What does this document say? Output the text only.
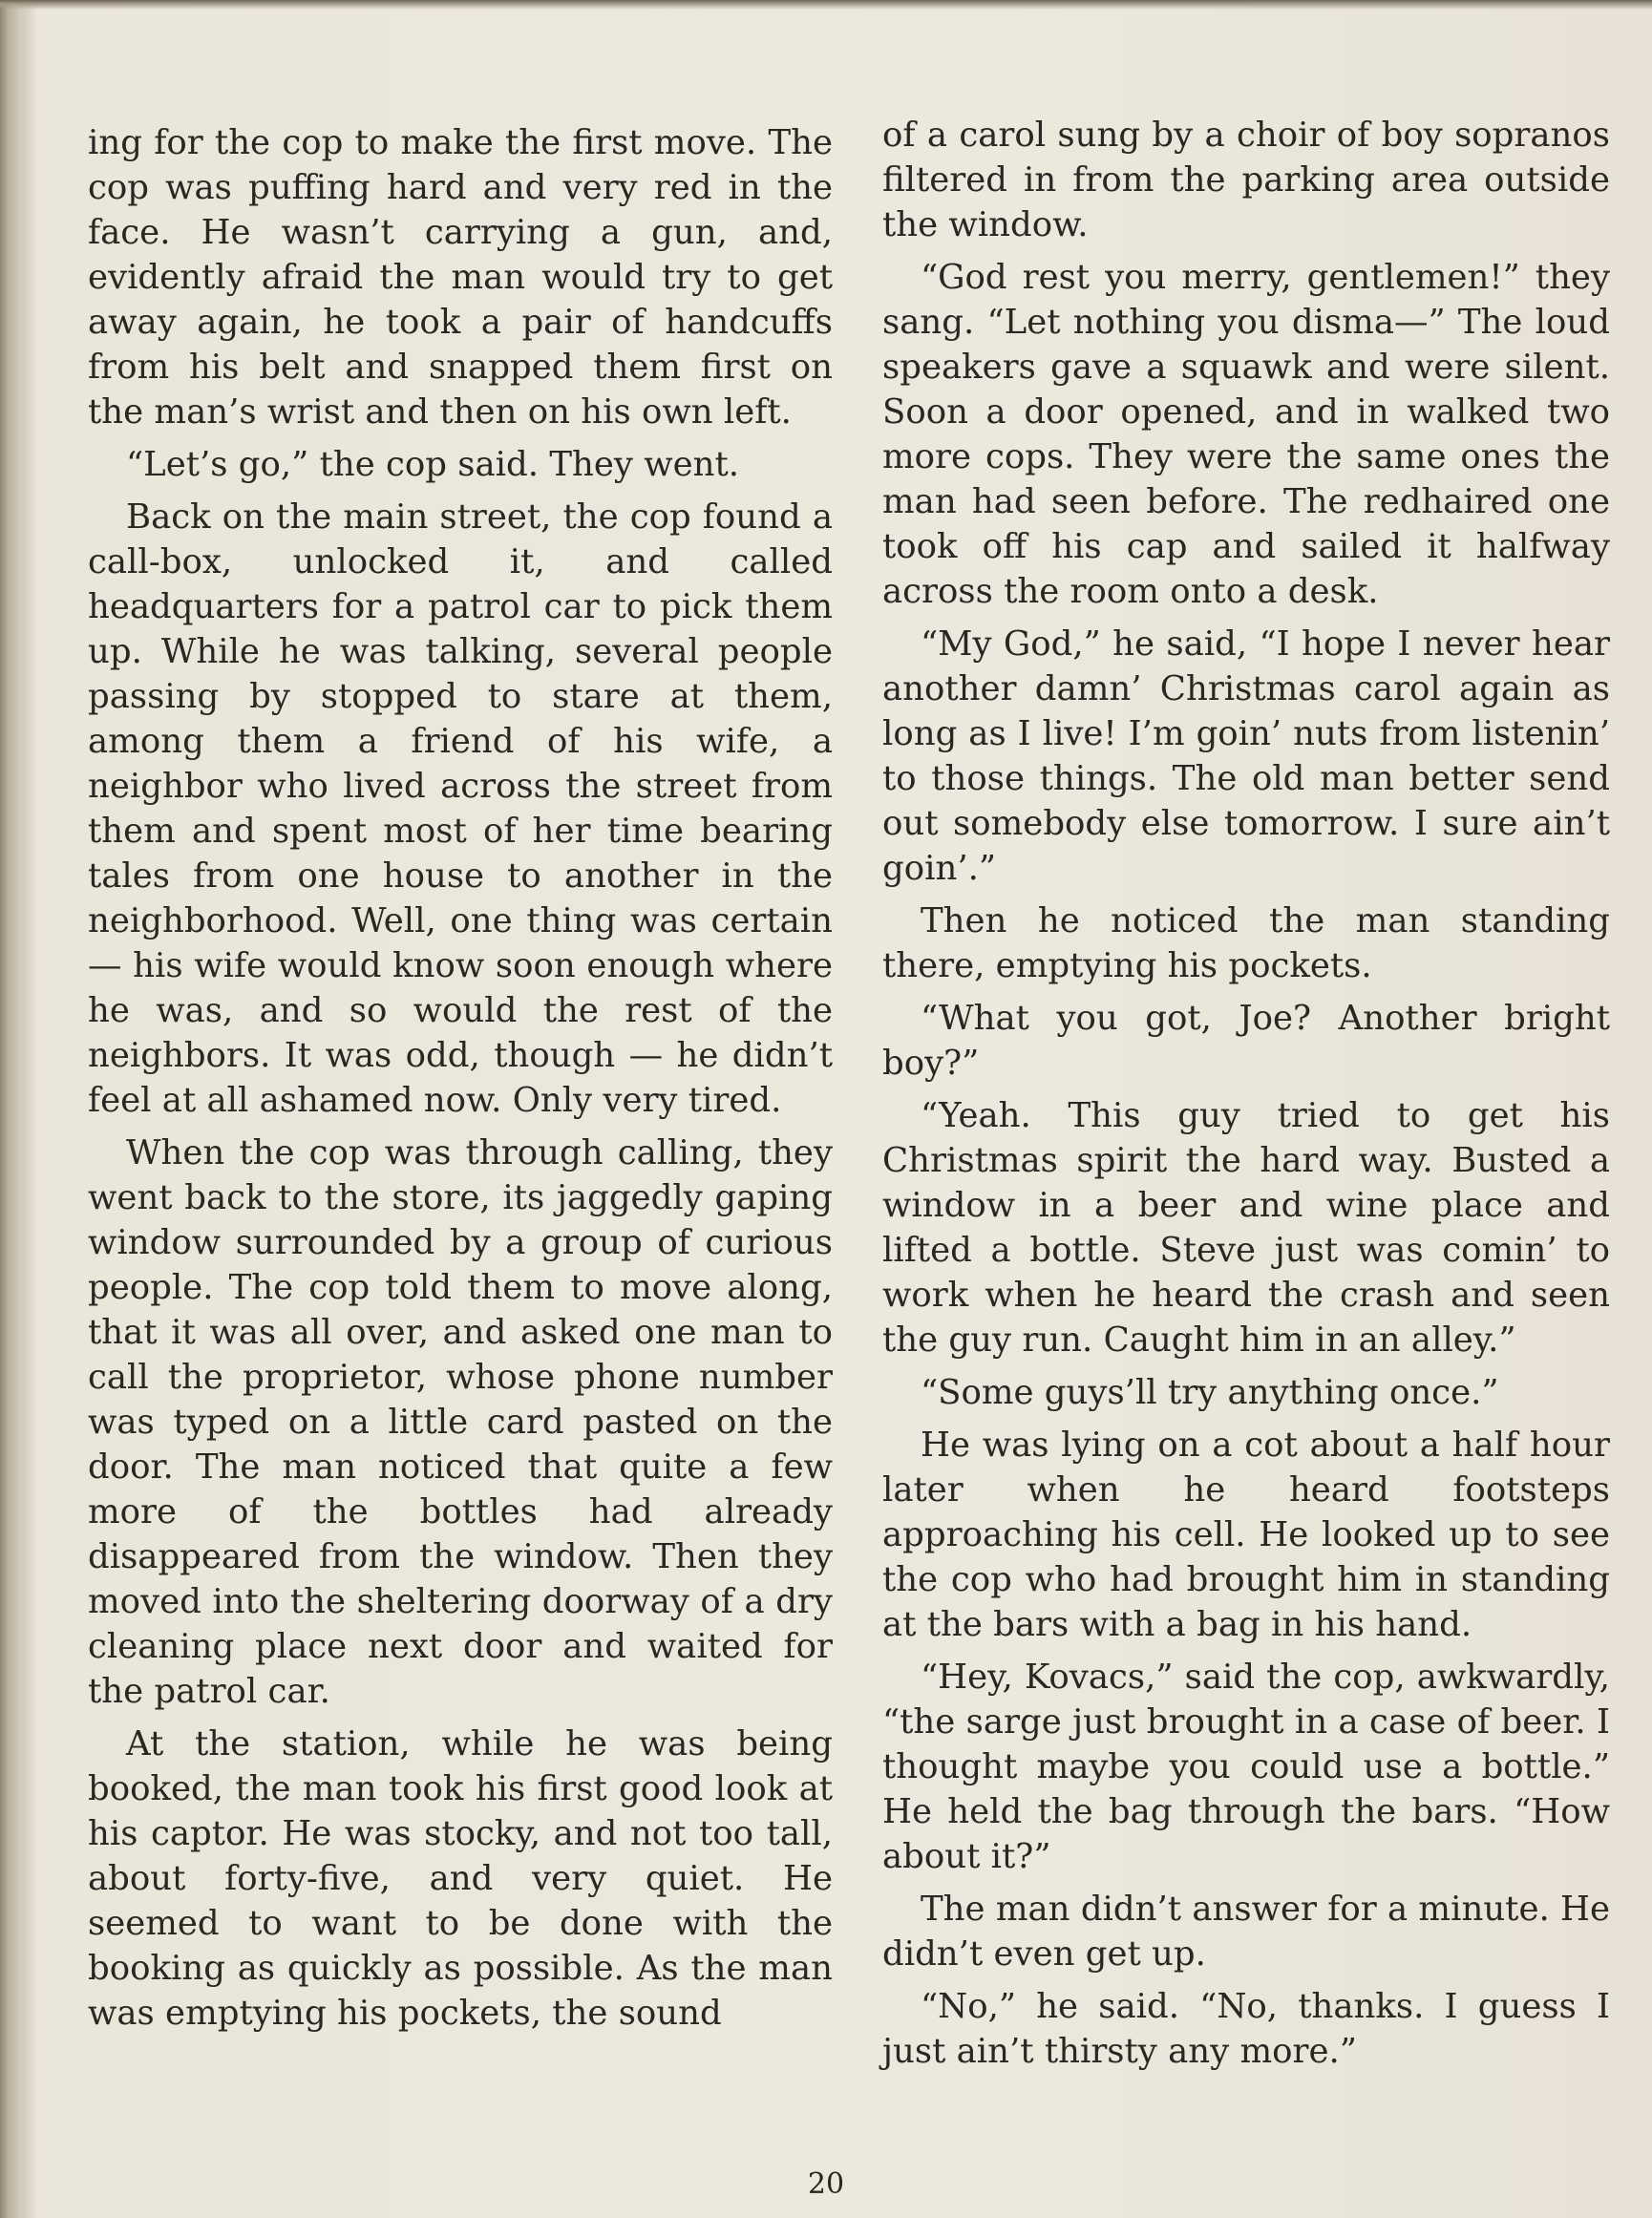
ing for the cop to make the first move. The cop was puffing hard and very red in the face. He wasn’t carrying a gun, and, evidently afraid the man would try to get away again, he took a pair of handcuffs from his belt and snapped them first on the man’s wrist and then on his own left.

“Let’s go,” the cop said. They went.

Back on the main street, the cop found a call-box, unlocked it, and called headquarters for a patrol car to pick them up. While he was talking, several people passing by stopped to stare at them, among them a friend of his wife, a neighbor who lived across the street from them and spent most of her time bearing tales from one house to another in the neighborhood. Well, one thing was certain — his wife would know soon enough where he was, and so would the rest of the neighbors. It was odd, though — he didn’t feel at all ashamed now. Only very tired.

When the cop was through calling, they went back to the store, its jaggedly gaping window surrounded by a group of curious people. The cop told them to move along, that it was all over, and asked one man to call the proprietor, whose phone number was typed on a little card pasted on the door. The man noticed that quite a few more of the bottles had already disappeared from the window. Then they moved into the sheltering doorway of a dry cleaning place next door and waited for the patrol car.

At the station, while he was being booked, the man took his first good look at his captor. He was stocky, and not too tall, about forty-five, and very quiet. He seemed to want to be done with the booking as quickly as possible. As the man was emptying his pockets, the sound

of a carol sung by a choir of boy sopranos filtered in from the parking area outside the window.

“God rest you merry, gentlemen!” they sang. “Let nothing you disma—” The loud speakers gave a squawk and were silent. Soon a door opened, and in walked two more cops. They were the same ones the man had seen before. The redhaired one took off his cap and sailed it halfway across the room onto a desk.

“My God,” he said, “I hope I never hear another damn’ Christmas carol again as long as I live! I’m goin’ nuts from listenin’ to those things. The old man better send out somebody else tomorrow. I sure ain’t goin’.”

Then he noticed the man standing there, emptying his pockets.

“What you got, Joe? Another bright boy?”

“Yeah. This guy tried to get his Christmas spirit the hard way. Busted a window in a beer and wine place and lifted a bottle. Steve just was comin’ to work when he heard the crash and seen the guy run. Caught him in an alley.”

“Some guys’ll try anything once.”

He was lying on a cot about a half hour later when he heard footsteps approaching his cell. He looked up to see the cop who had brought him in standing at the bars with a bag in his hand.

“Hey, Kovacs,” said the cop, awkwardly, “the sarge just brought in a case of beer. I thought maybe you could use a bottle.” He held the bag through the bars. “How about it?”

The man didn’t answer for a minute. He didn’t even get up.

“No,” he said. “No, thanks. I guess I just ain’t thirsty any more.”

20
